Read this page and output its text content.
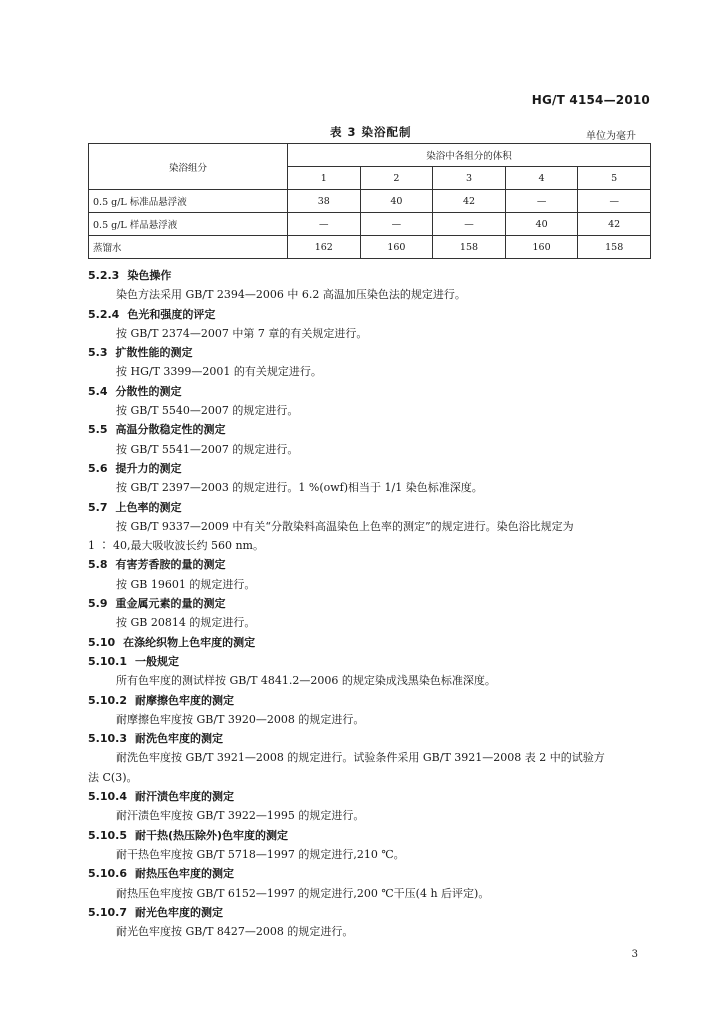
HG/T 4154—2010
表 3 染浴配制	单位为毫升
染浴组分	染浴中各组分的体积				
	1	2	3	4	5
0.5 g/L 标准品悬浮液	38	40	42	—	—
0.5 g/L 样品悬浮液	—	—	—	40	42
蒸馏水	162	160	158	160	158
5.2.3 染色操作
染色方法采用 GB/T 2394—2006 中 6.2 高温加压染色法的规定进行。
5.2.4 色光和强度的评定
按 GB/T 2374—2007 中第 7 章的有关规定进行。
5.3 扩散性能的测定
按 HG/T 3399—2001 的有关规定进行。
5.4 分散性的测定
按 GB/T 5540—2007 的规定进行。
5.5 高温分散稳定性的测定
按 GB/T 5541—2007 的规定进行。
5.6 提升力的测定
按 GB/T 2397—2003 的规定进行。1 %(owf)相当于 1/1 染色标准深度。
5.7 上色率的测定
按 GB/T 9337—2009 中有关“分散染料高温染色上色率的测定”的规定进行。染色浴比规定为
1 ∶ 40,最大吸收波长约 560 nm。
5.8 有害芳香胺的量的测定
按 GB 19601 的规定进行。
5.9 重金属元素的量的测定
按 GB 20814 的规定进行。
5.10 在涤纶织物上色牢度的测定
5.10.1 一般规定
所有色牢度的测试样按 GB/T 4841.2—2006 的规定染成浅黑染色标准深度。
5.10.2 耐摩擦色牢度的测定
耐摩擦色牢度按 GB/T 3920—2008 的规定进行。
5.10.3 耐洗色牢度的测定
耐洗色牢度按 GB/T 3921—2008 的规定进行。试验条件采用 GB/T 3921—2008 表 2 中的试验方
法 C(3)。
5.10.4 耐汗渍色牢度的测定
耐汗渍色牢度按 GB/T 3922—1995 的规定进行。
5.10.5 耐干热(热压除外)色牢度的测定
耐干热色牢度按 GB/T 5718—1997 的规定进行,210 ℃。
5.10.6 耐热压色牢度的测定
耐热压色牢度按 GB/T 6152—1997 的规定进行,200 ℃干压(4 h 后评定)。
5.10.7 耐光色牢度的测定
耐光色牢度按 GB/T 8427—2008 的规定进行。
3
